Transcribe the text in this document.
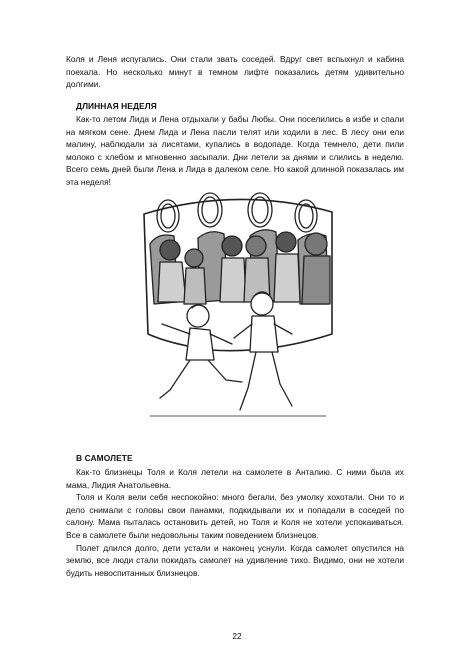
Коля и Леня испугались. Они стали звать соседей. Вдруг свет вспыхнул и кабина поехала. Но несколько минут в темном лифте показались детям удивительно долгими.

ДЛИННАЯ НЕДЕЛЯ

Как-то летом Лида и Лена отдыхали у бабы Любы. Они поселились в избе и спали на мягком сене. Днем Лида и Лена пасли телят или ходили в лес. В лесу они ели малину, наблюдали за лисятами, купались в водопаде. Когда темнело, дети пили молоко с хлебом и мгновенно засыпали. Дни летели за днями и слились в неделю. Всего семь дней были Лена и Лида в далеком селе. Но какой длинной показалась им эта неделя!

В САМОЛЕТЕ

Как-то близнецы Толя и Коля летели на самолете в Анталию. С ними была их мама, Лидия Анатольевна.

Толя и Коля вели себя неспокойно: много бегали, без умолку хохотали. Они то и дело снимали с головы свои панамки, подкидывали их и попадали в соседей по салону. Мама пыталась остановить детей, но Толя и Коля не хотели успокаиваться. Все в самолете были недовольны таким поведением близнецов.

Полет длился долго, дети устали и наконец уснули. Когда самолет опустился на землю, все люди стали покидать самолет на удивление тихо. Видимо, они не хотели будить невоспитанных близнецов.

22
